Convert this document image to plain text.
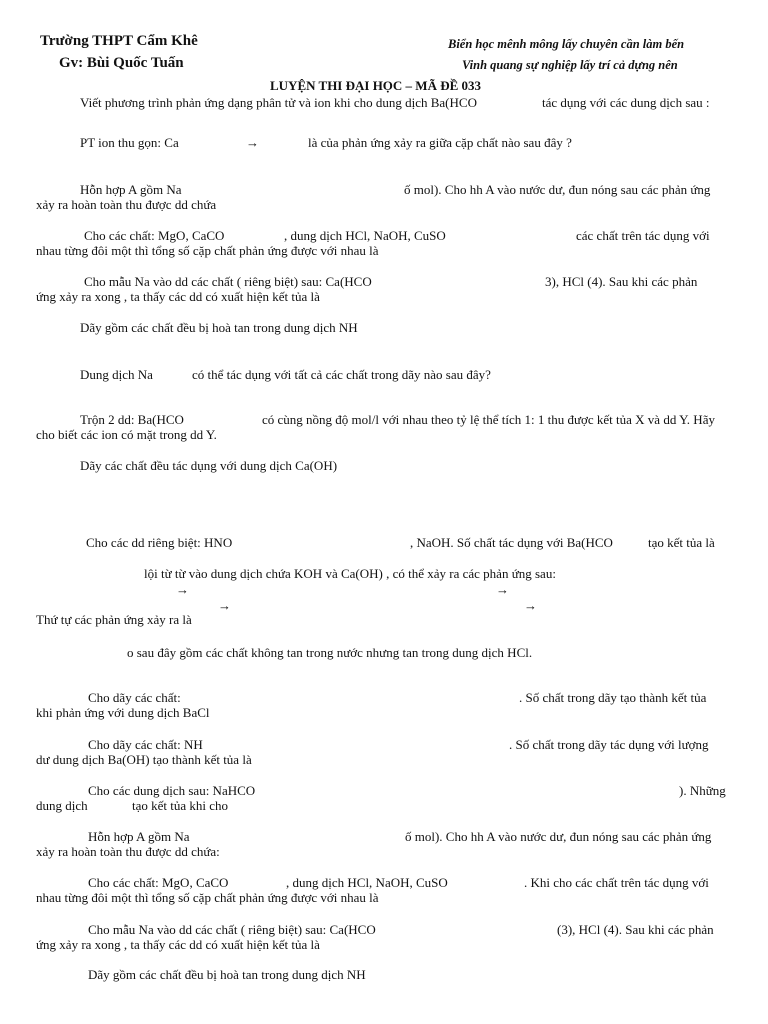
Trường THPT Cẩm Khê
Gv: Bùi Quốc Tuấn
Biển học mênh mông lấy chuyên cần làm bến
Vinh quang sự nghiệp lấy trí cả dựng nên
LUYỆN THI ĐẠI HỌC – MÃ ĐỀ 033
Viết phương trình phản ứng dạng phân tử và ion khi cho dung dịch Ba(HCO	tác dụng với các dung dịch sau :
PT ion thu gọn: Ca	→	là của phản ứng xảy ra giữa cặp chất nào sau đây ?
Hỗn hợp A gồm Na	ố mol). Cho hh A vào nước dư, đun nóng sau các phản ứng
xảy ra hoàn toàn thu được dd chứa
Cho các chất: MgO, CaCO	, dung dịch HCl, NaOH, CuSO	các chất trên tác dụng với
nhau từng đôi một thì tổng số cặp chất phản ứng được với nhau là
Cho mẫu Na vào dd các chất ( riêng biệt) sau: Ca(HCO	3), HCl (4). Sau khi các phản
ứng xảy ra xong , ta thấy các dd có xuất hiện kết tủa là
Dãy gồm các chất đều bị hoà tan trong dung dịch NH
Dung dịch Na	có thể tác dụng với tất cả các chất trong dãy nào sau đây?
Trộn 2 dd: Ba(HCO	có cùng nồng độ mol/l với nhau theo tỷ lệ thể tích 1: 1 thu được kết tủa X và dd Y. Hãy
cho biết các ion có mặt trong dd Y.
Dãy các chất đều tác dụng với dung dịch Ca(OH)
Cho các dd riêng biệt: HNO	, NaOH. Số chất tác dụng với Ba(HCO	tạo kết tủa là
lội từ từ vào dung dịch chứa KOH và Ca(OH) , có thể xảy ra các phản ứng sau:
→	→
→	→
Thứ tự các phản ứng xảy ra là
o sau đây gồm các chất không tan trong nước nhưng tan trong dung dịch HCl.
Cho dãy các chất:	. Số chất trong dãy tạo thành kết tủa
khi phản ứng với dung dịch BaCl
Cho dãy các chất: NH	. Số chất trong dãy tác dụng với lượng
dư dung dịch Ba(OH) tạo thành kết tủa là
Cho các dung dịch sau: NaHCO	). Những
dung dịch	tạo kết tủa khi cho
Hỗn hợp A gồm Na	ố mol). Cho hh A vào nước dư, đun nóng sau các phản ứng
xảy ra hoàn toàn thu được dd chứa:
Cho các chất: MgO, CaCO	, dung dịch HCl, NaOH, CuSO	. Khi cho các chất trên tác dụng với
nhau từng đôi một thì tổng số cặp chất phản ứng được với nhau là
Cho mẫu Na vào dd các chất ( riêng biệt) sau: Ca(HCO	(3), HCl (4). Sau khi các phản
ứng xảy ra xong , ta thấy các dd có xuất hiện kết tủa là
Dãy gồm các chất đều bị hoà tan trong dung dịch NH
